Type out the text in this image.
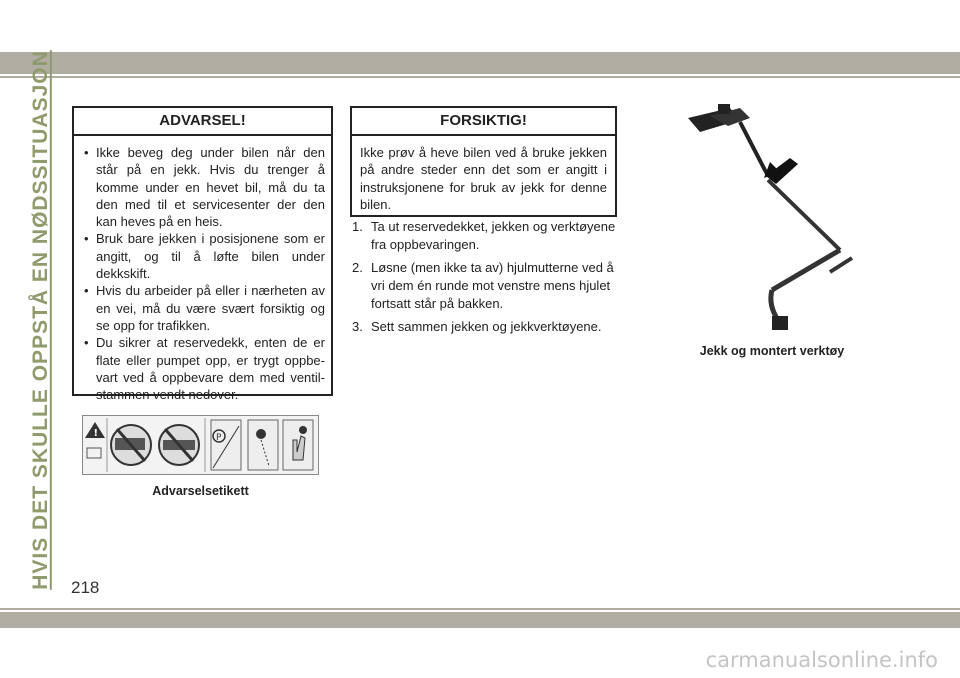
HVIS DET SKULLE OPPSTÅ EN NØDSSITUASJON	ADVARSEL!
• Ikke beveg deg under bilen når den står på en jekk. Hvis du trenger å komme under en hevet bil, må du ta den med til et servicesenter der den kan heves på en heis.
• Bruk bare jekken i posisjonene som er angitt, og til å løfte bilen under dekkskift.
• Hvis du arbeider på eller i nærheten av en vei, må du være svært forsiktig og se opp for trafikken.
• Du sikrer at reservedekk, enten de er flate eller pumpet opp, er trygt oppbe-vart ved å oppbevare dem med ventil-stammen vendt nedover.
FORSIKTIG!
Ikke prøv å heve bilen ved å bruke jekken på andre steder enn det som er angitt i instruksjonene for bruk av jekk for denne bilen.
1. Ta ut reservedekket, jekken og verktøyene fra oppbevaringen.
2. Løsne (men ikke ta av) hjulmutterne ved å vri dem én runde mot venstre mens hjulet fortsatt står på bakken.
3. Sett sammen jekken og jekkverktøyene.
!	P
Advarselsetikett
Jekk og montert verktøy
218
carmanualsonline.info
